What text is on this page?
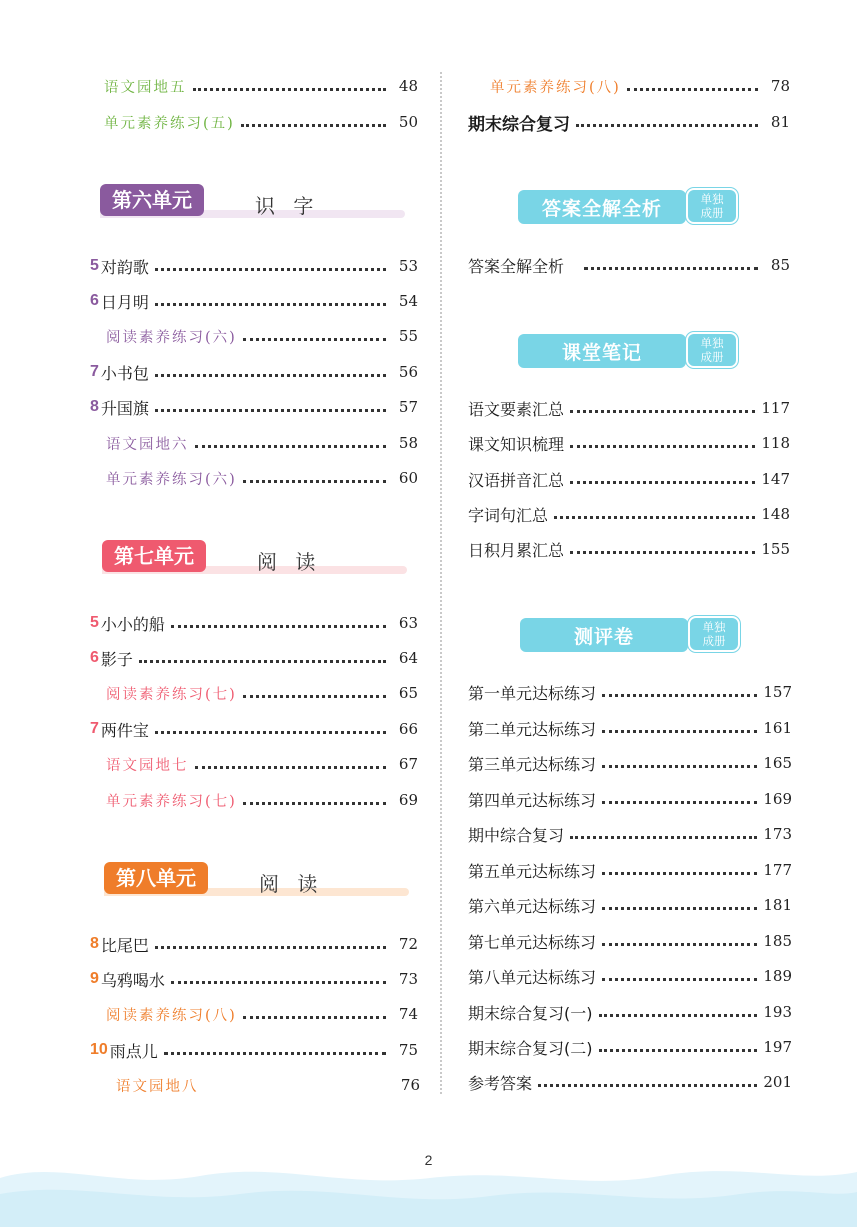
语文园地五	48
单元素养练习(五)	50
第六单元	识 字
5 对韵歌	53
6 日月明	54
阅读素养练习(六)	55
7 小书包	56
8 升国旗	57
语文园地六	58
单元素养练习(六)	60
第七单元	阅 读
5 小小的船	63
6 影子	64
阅读素养练习(七)	65
7 两件宝	66
语文园地七	67
单元素养练习(七)	69
第八单元	阅 读
8 比尾巴	72
9 乌鸦喝水	73
阅读素养练习(八)	74
10 雨点儿	75
语文园地八	76
单元素养练习(八)	78
期末综合复习	81
答案全解全析	单独
成册
答案全解全析	85
课堂笔记	单独
成册
语文要素汇总	117
课文知识梳理	118
汉语拼音汇总	147
字词句汇总	148
日积月累汇总	155
测评卷	单独
成册
第一单元达标练习	157
第二单元达标练习	161
第三单元达标练习	165
第四单元达标练习	169
期中综合复习	173
第五单元达标练习	177
第六单元达标练习	181
第七单元达标练习	185
第八单元达标练习	189
期末综合复习(一)	193
期末综合复习(二)	197
参考答案	201
2
